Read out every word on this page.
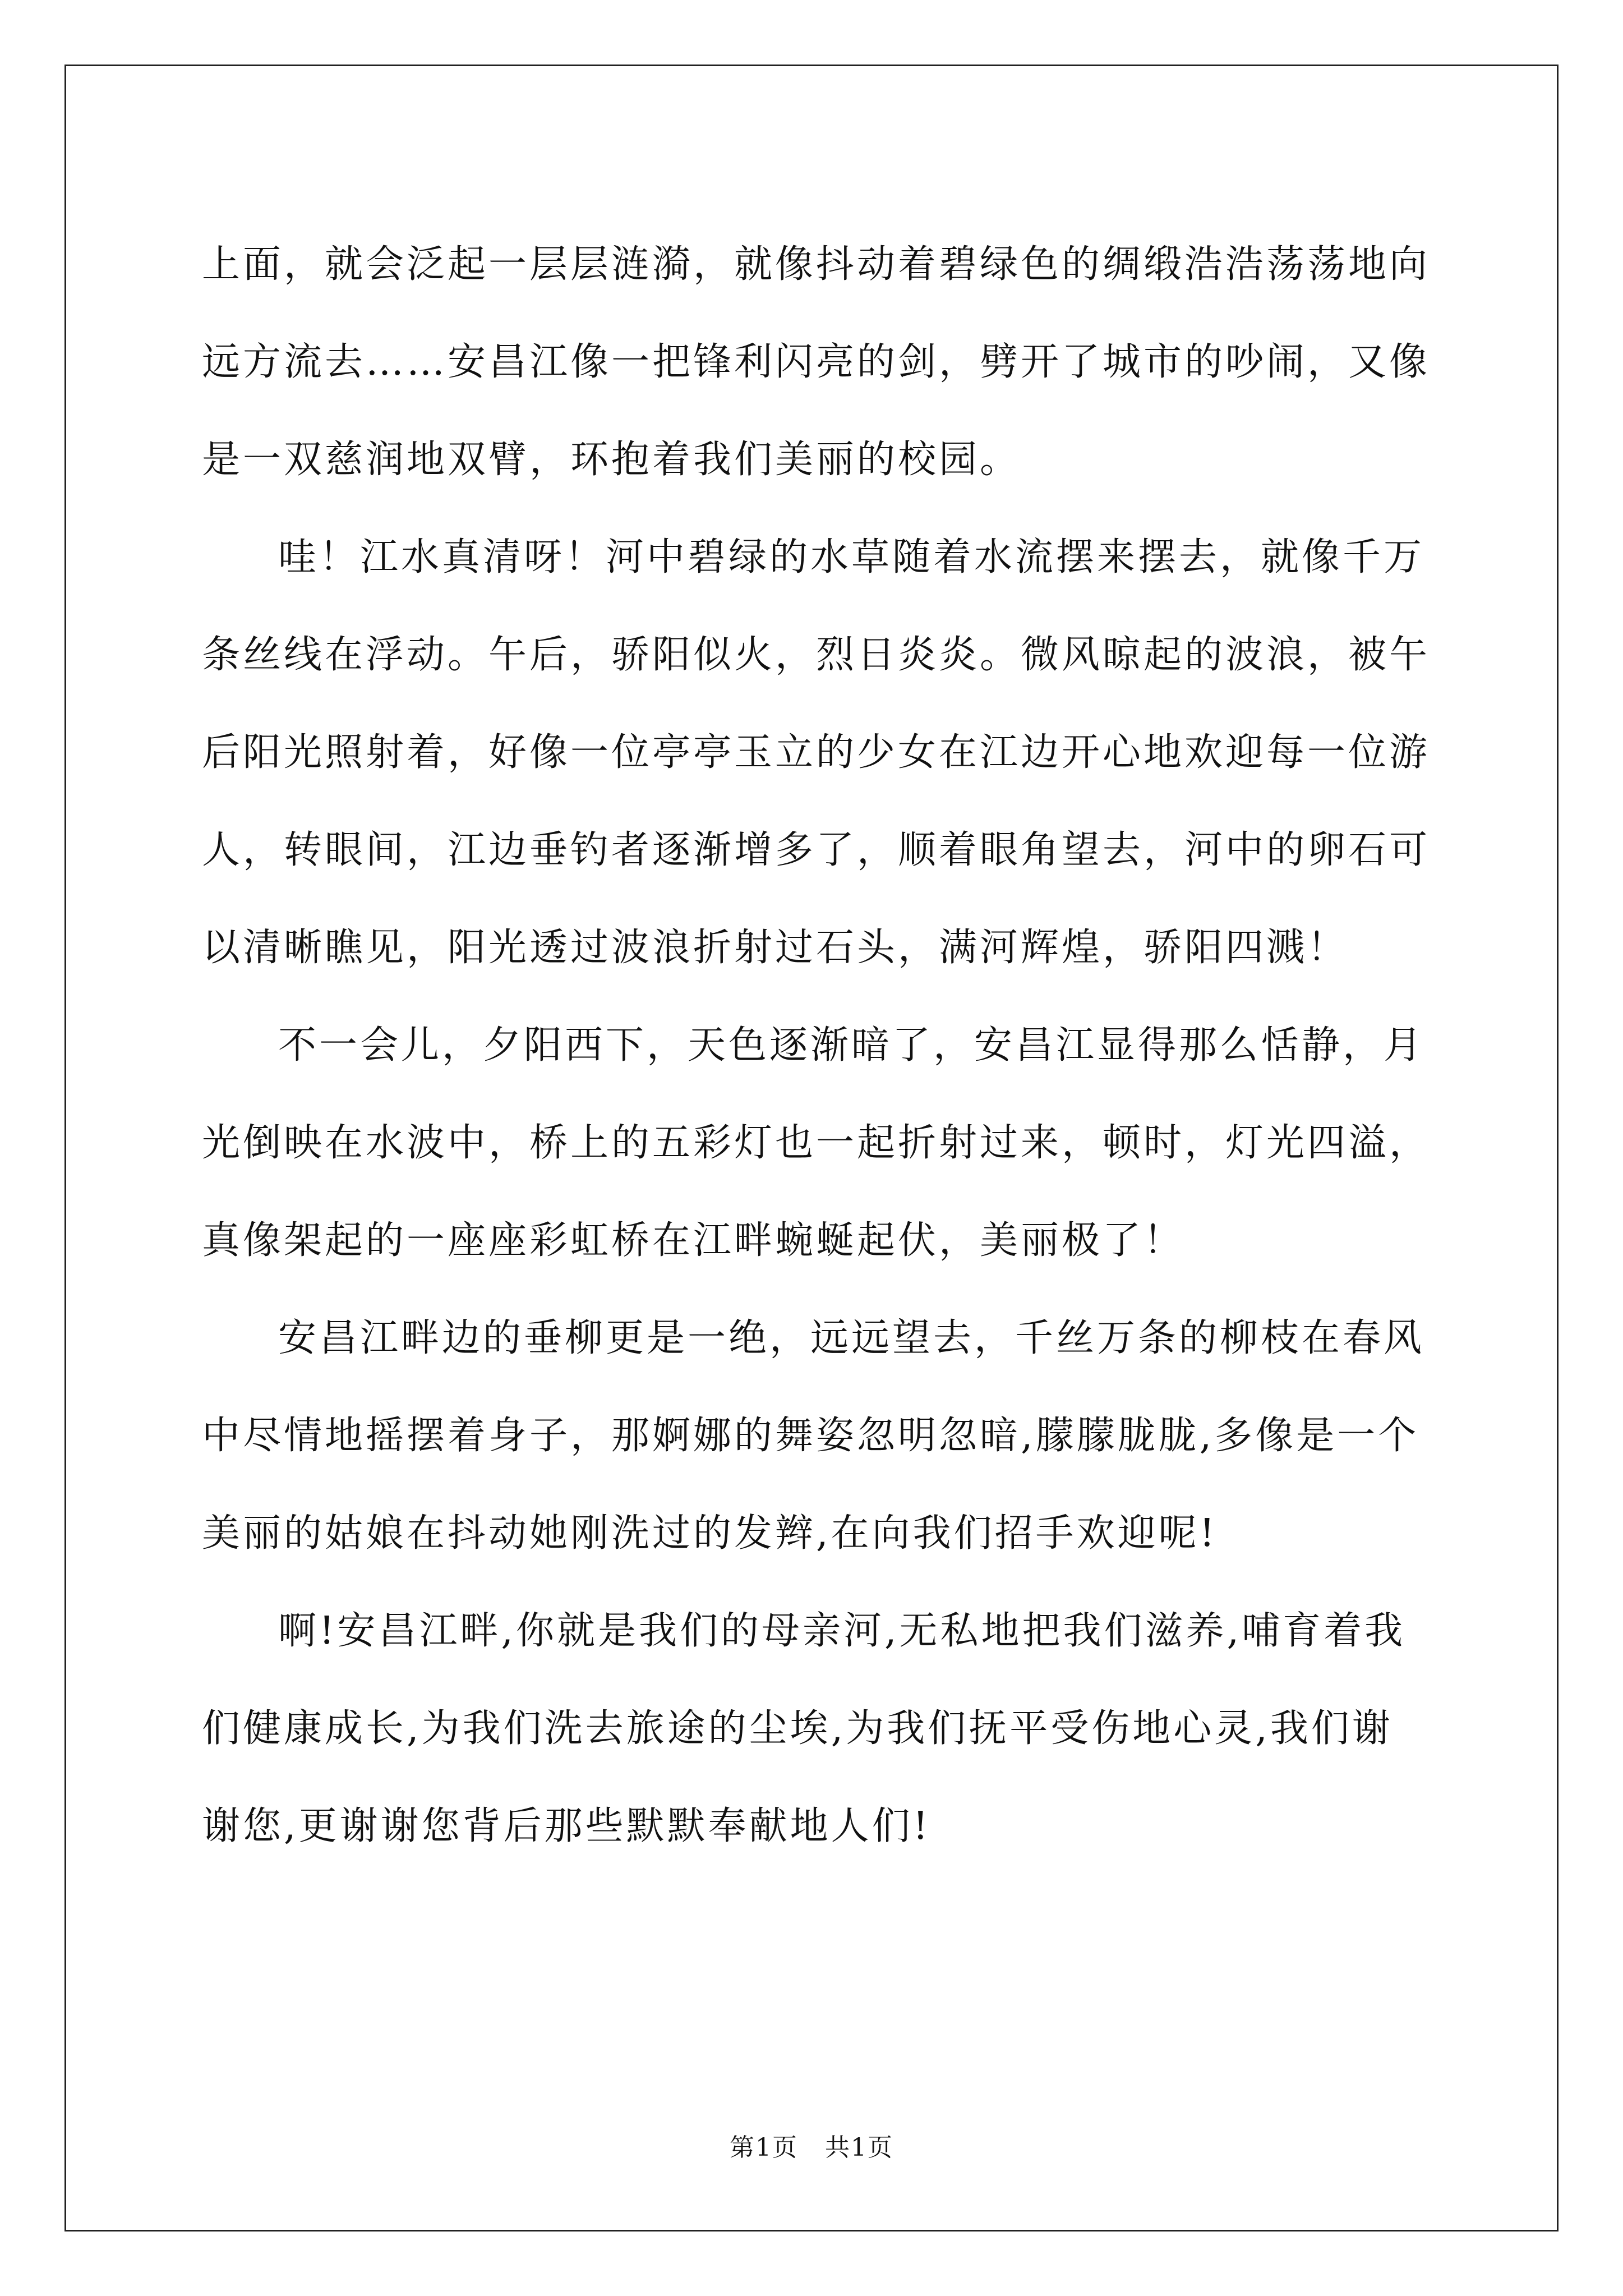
上面，就会泛起一层层涟漪，就像抖动着碧绿色的绸缎浩浩荡荡地向
远方流去……安昌江像一把锋利闪亮的剑，劈开了城市的吵闹，又像
是一双慈润地双臂，环抱着我们美丽的校园。
哇！江水真清呀！河中碧绿的水草随着水流摆来摆去，就像千万
条丝线在浮动。午后，骄阳似火，烈日炎炎。微风晾起的波浪，被午
后阳光照射着，好像一位亭亭玉立的少女在江边开心地欢迎每一位游
人，转眼间，江边垂钓者逐渐增多了，顺着眼角望去，河中的卵石可
以清晰瞧见，阳光透过波浪折射过石头，满河辉煌，骄阳四溅！
不一会儿，夕阳西下，天色逐渐暗了，安昌江显得那么恬静，月
光倒映在水波中，桥上的五彩灯也一起折射过来，顿时，灯光四溢，
真像架起的一座座彩虹桥在江畔蜿蜒起伏，美丽极了！
安昌江畔边的垂柳更是一绝，远远望去，千丝万条的柳枝在春风
中尽情地摇摆着身子，那婀娜的舞姿忽明忽暗,朦朦胧胧,多像是一个
美丽的姑娘在抖动她刚洗过的发辫,在向我们招手欢迎呢!
啊!安昌江畔,你就是我们的母亲河,无私地把我们滋养,哺育着我
们健康成长,为我们洗去旅途的尘埃,为我们抚平受伤地心灵,我们谢
谢您,更谢谢您背后那些默默奉献地人们!
第1页   共1页
